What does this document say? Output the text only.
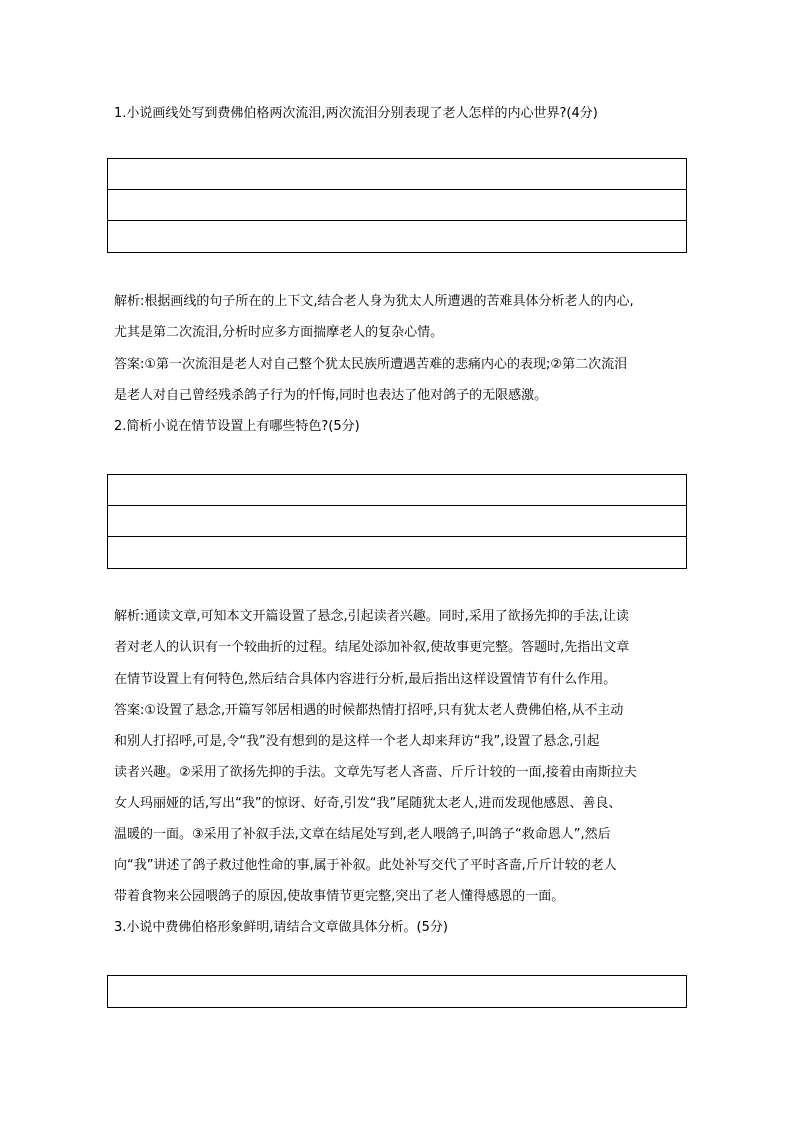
1.小说画线处写到费佛伯格两次流泪,两次流泪分别表现了老人怎样的内心世界?(4分)
解析:根据画线的句子所在的上下文,结合老人身为犹太人所遭遇的苦难具体分析老人的内心,
尤其是第二次流泪,分析时应多方面揣摩老人的复杂心情。
答案:①第一次流泪是老人对自己整个犹太民族所遭遇苦难的悲痛内心的表现;②第二次流泪
是老人对自己曾经残杀鸽子行为的忏悔,同时也表达了他对鸽子的无限感激。
2.简析小说在情节设置上有哪些特色?(5分)
解析:通读文章,可知本文开篇设置了悬念,引起读者兴趣。同时,采用了欲扬先抑的手法,让读
者对老人的认识有一个较曲折的过程。结尾处添加补叙,使故事更完整。答题时,先指出文章
在情节设置上有何特色,然后结合具体内容进行分析,最后指出这样设置情节有什么作用。
答案:①设置了悬念,开篇写邻居相遇的时候都热情打招呼,只有犹太老人费佛伯格,从不主动
和别人打招呼,可是,令“我”没有想到的是这样一个老人却来拜访“我”,设置了悬念,引起
读者兴趣。②采用了欲扬先抑的手法。文章先写老人吝啬、斤斤计较的一面,接着由南斯拉夫
女人玛丽娅的话,写出“我”的惊讶、好奇,引发“我”尾随犹太老人,进而发现他感恩、善良、
温暖的一面。③采用了补叙手法,文章在结尾处写到,老人喂鸽子,叫鸽子“救命恩人”,然后
向“我”讲述了鸽子救过他性命的事,属于补叙。此处补写交代了平时吝啬,斤斤计较的老人
带着食物来公园喂鸽子的原因,使故事情节更完整,突出了老人懂得感恩的一面。
3.小说中费佛伯格形象鲜明,请结合文章做具体分析。(5分)
